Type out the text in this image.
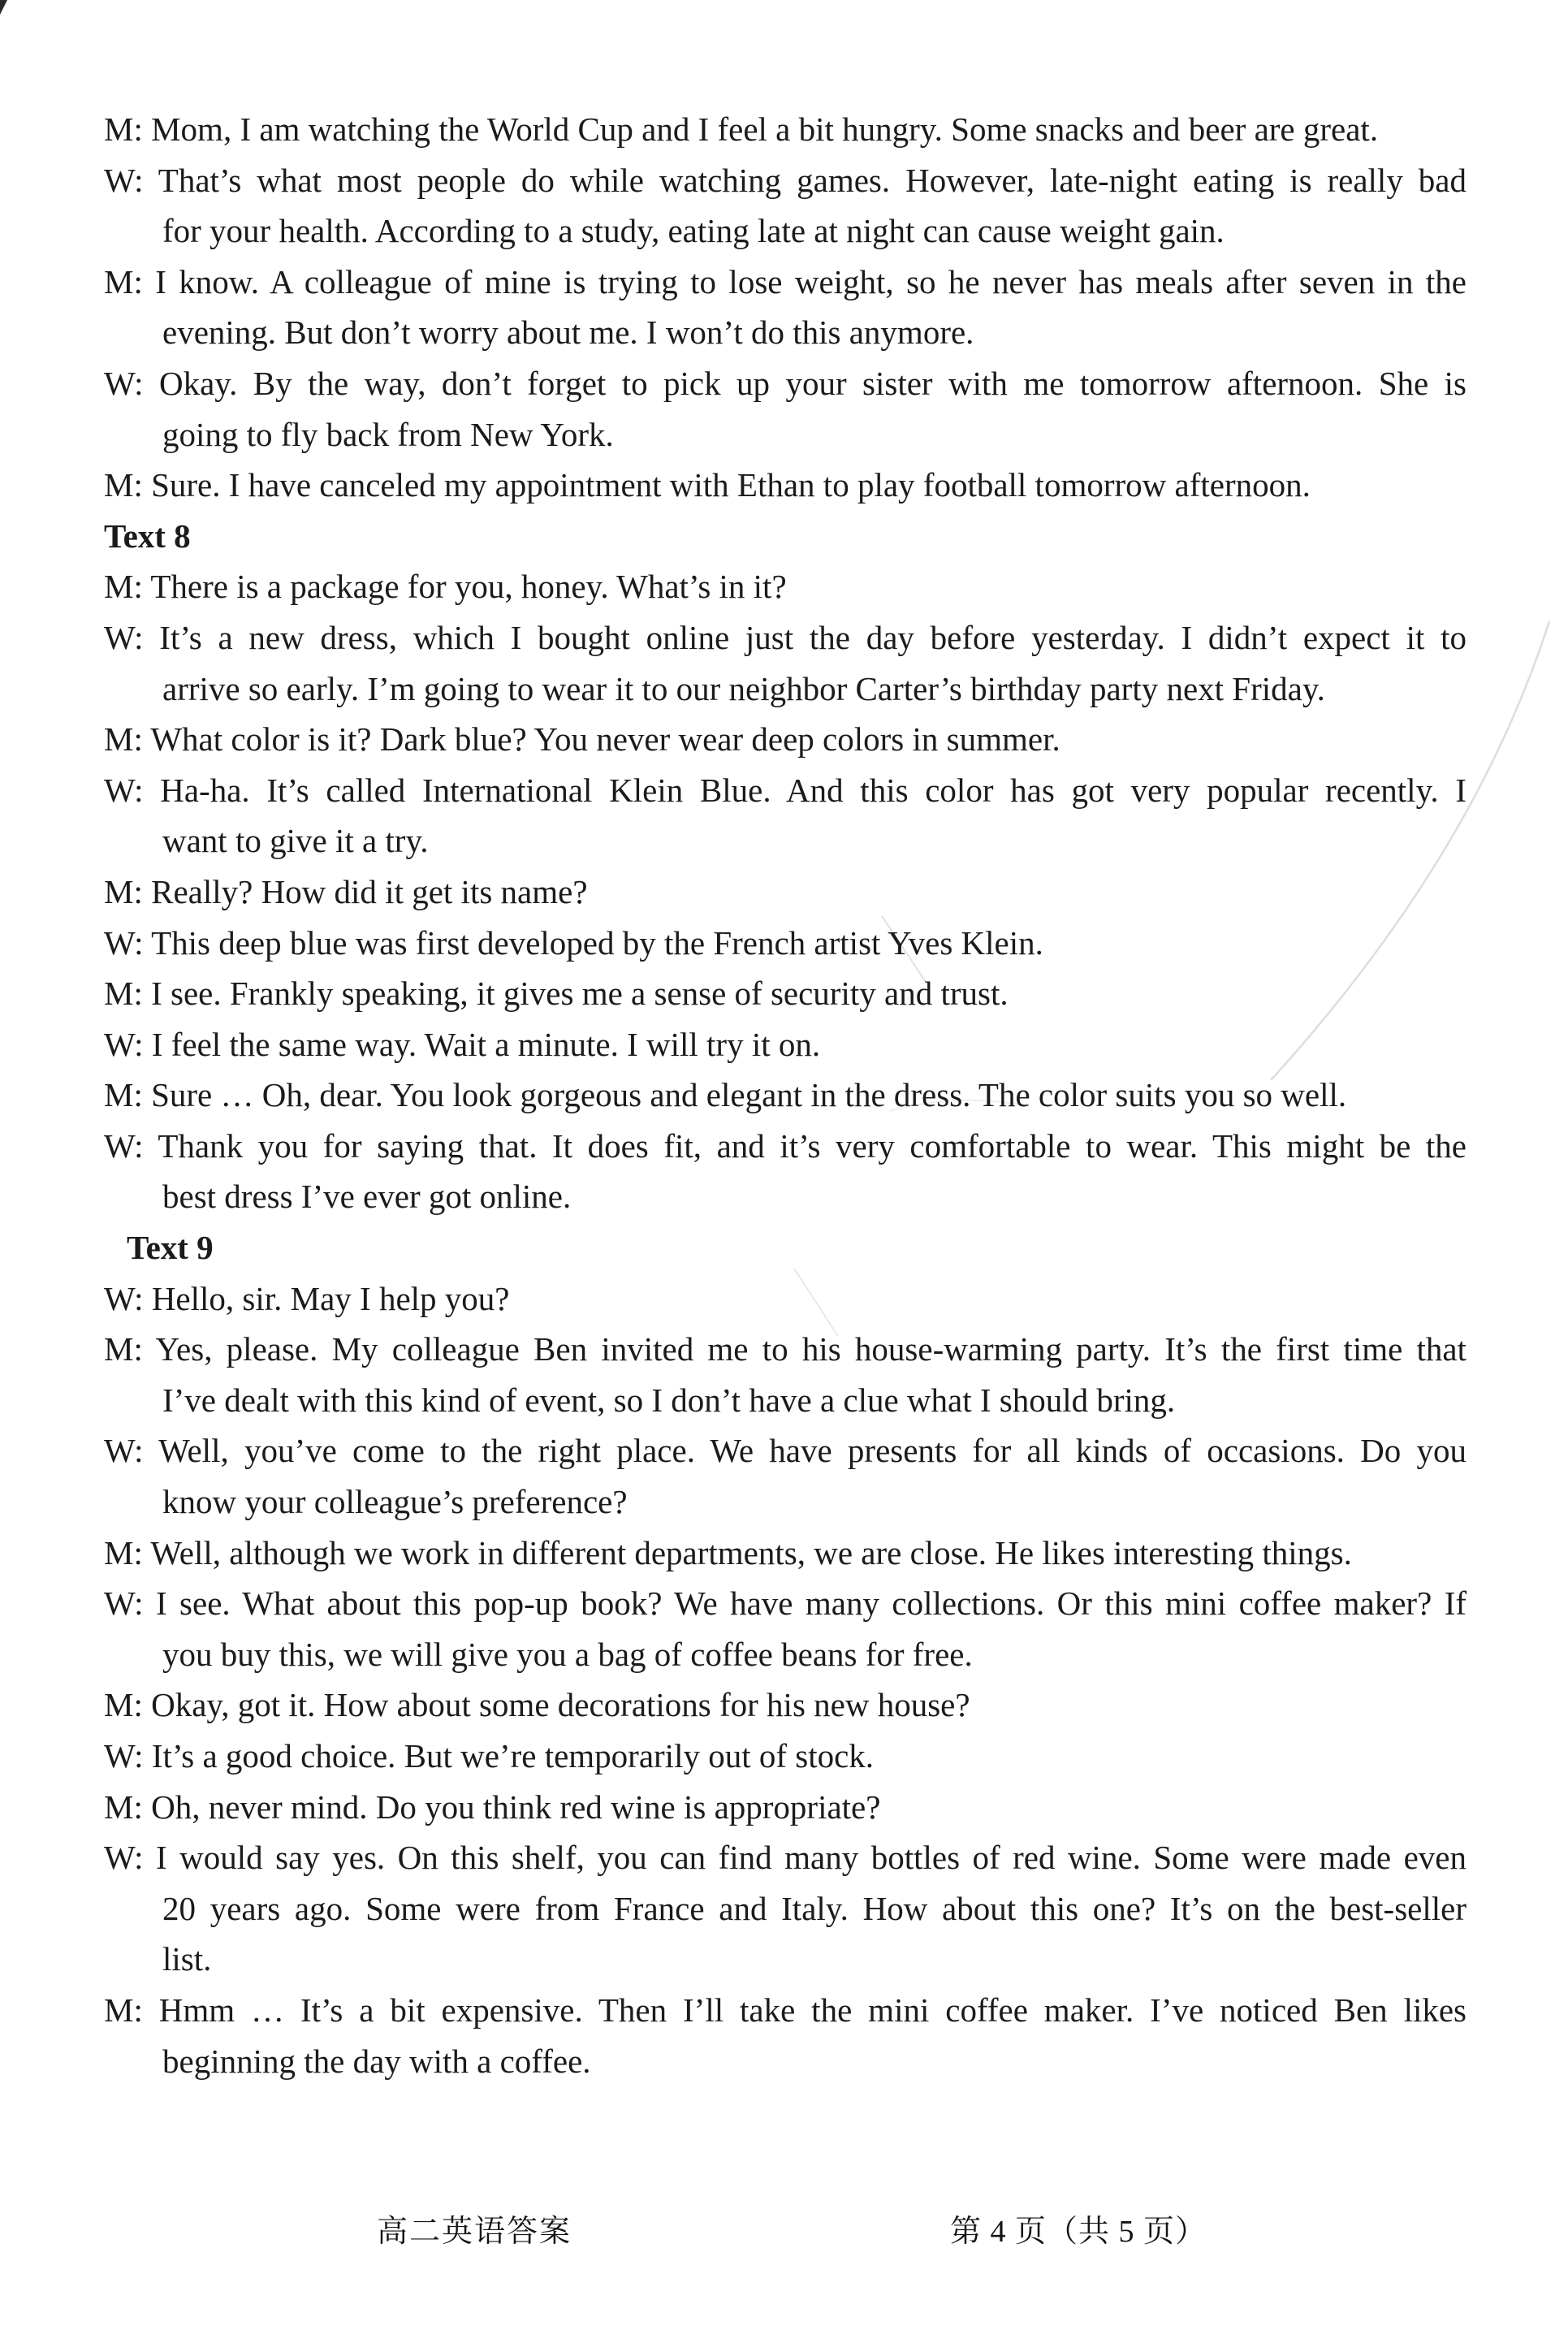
M: Mom, I am watching the World Cup and I feel a bit hungry. Some snacks and beer are great.
W: That’s what most people do while watching games. However, late-night eating is really bad
for your health. According to a study, eating late at night can cause weight gain.
M: I know. A colleague of mine is trying to lose weight, so he never has meals after seven in the
evening. But don’t worry about me. I won’t do this anymore.
W: Okay. By the way, don’t forget to pick up your sister with me tomorrow afternoon. She is
going to fly back from New York.
M: Sure. I have canceled my appointment with Ethan to play football tomorrow afternoon.
Text 8
M: There is a package for you, honey. What’s in it?
W: It’s a new dress, which I bought online just the day before yesterday. I didn’t expect it to
arrive so early. I’m going to wear it to our neighbor Carter’s birthday party next Friday.
M: What color is it? Dark blue? You never wear deep colors in summer.
W: Ha-ha. It’s called International Klein Blue. And this color has got very popular recently. I
want to give it a try.
M: Really? How did it get its name?
W: This deep blue was first developed by the French artist Yves Klein.
M: I see. Frankly speaking, it gives me a sense of security and trust.
W: I feel the same way. Wait a minute. I will try it on.
M: Sure … Oh, dear. You look gorgeous and elegant in the dress. The color suits you so well.
W: Thank you for saying that. It does fit, and it’s very comfortable to wear. This might be the
best dress I’ve ever got online.
Text 9
W: Hello, sir. May I help you?
M: Yes, please. My colleague Ben invited me to his house-warming party. It’s the first time that
I’ve dealt with this kind of event, so I don’t have a clue what I should bring.
W: Well, you’ve come to the right place. We have presents for all kinds of occasions. Do you
know your colleague’s preference?
M: Well, although we work in different departments, we are close. He likes interesting things.
W: I see. What about this pop-up book? We have many collections. Or this mini coffee maker? If
you buy this, we will give you a bag of coffee beans for free.
M: Okay, got it. How about some decorations for his new house?
W: It’s a good choice. But we’re temporarily out of stock.
M: Oh, never mind. Do you think red wine is appropriate?
W: I would say yes. On this shelf, you can find many bottles of red wine. Some were made even
20 years ago. Some were from France and Italy. How about this one? It’s on the best-seller
list.
M: Hmm … It’s a bit expensive. Then I’ll take the mini coffee maker. I’ve noticed Ben likes
beginning the day with a coffee.
高二英语答案	第 4 页（共 5 页）
